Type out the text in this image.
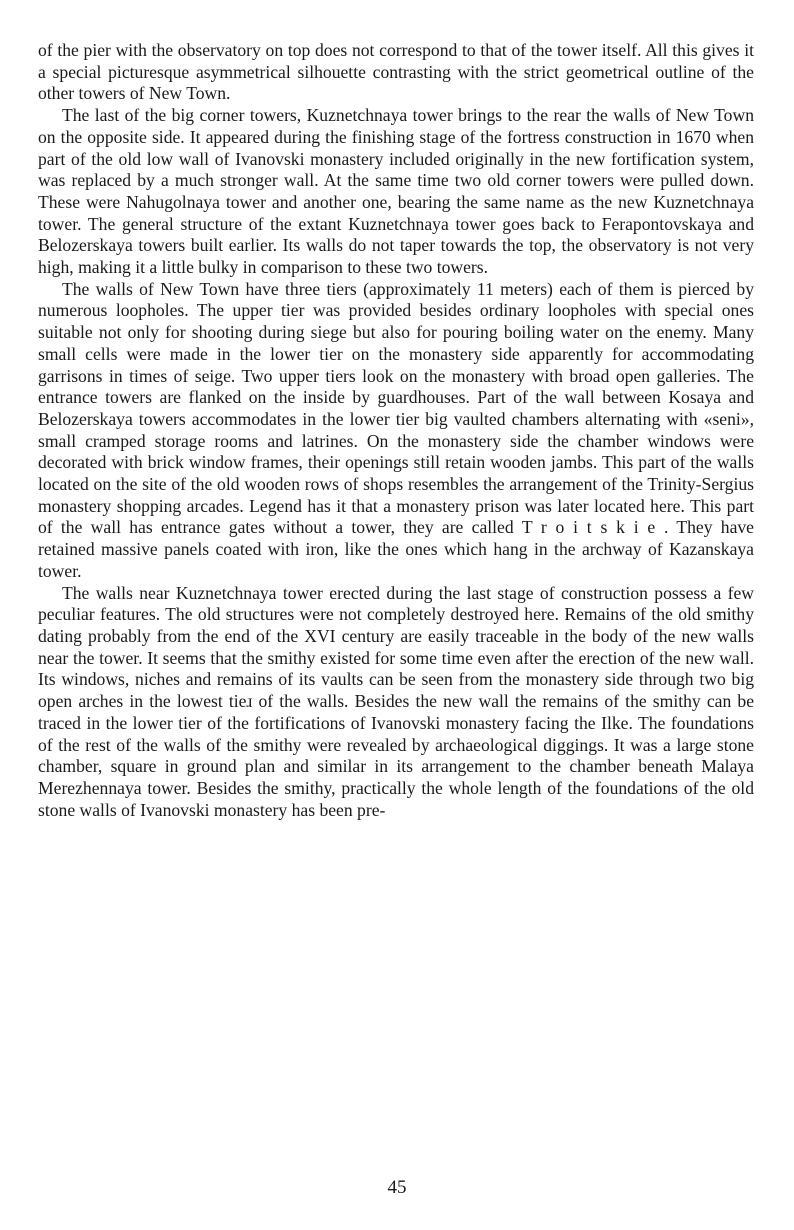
of the pier with the observatory on top does not correspond to that of the tower itself. All this gives it a special picturesque asymmetrical silhouette contrasting with the strict geometrical outline of the other towers of New Town.

The last of the big corner towers, Kuznetchnaya tower brings to the rear the walls of New Town on the opposite side. It appeared during the finishing stage of the fortress construction in 1670 when part of the old low wall of Ivanovski monastery included originally in the new fortification system, was replaced by a much stronger wall. At the same time two old corner towers were pulled down. These were Nahugolnaya tower and another one, bearing the same name as the new Kuznetchnaya tower. The general structure of the extant Kuznetchnaya tower goes back to Ferapontovskaya and Belozerskaya towers built earlier. Its walls do not taper towards the top, the observatory is not very high, making it a little bulky in comparison to these two towers.

The walls of New Town have three tiers (approximately 11 meters) each of them is pierced by numerous loopholes. The upper tier was provided besides ordinary loopholes with special ones suitable not only for shooting during siege but also for pouring boiling water on the enemy. Many small cells were made in the lower tier on the monastery side apparently for accommodating garrisons in times of seige. Two upper tiers look on the monastery with broad open galleries. The entrance towers are flanked on the inside by guardhouses. Part of the wall between Kosaya and Belozerskaya towers accommodates in the lower tier big vaulted chambers alternating with «seni», small cramped storage rooms and latrines. On the monastery side the chamber windows were decorated with brick window frames, their openings still retain wooden jambs. This part of the walls located on the site of the old wooden rows of shops resembles the arrangement of the Trinity-Sergius monastery shopping arcades. Legend has it that a monastery prison was later located here. This part of the wall has entrance gates without a tower, they are called Troitskie. They have retained massive panels coated with iron, like the ones which hang in the archway of Kazanskaya tower.

The walls near Kuznetchnaya tower erected during the last stage of construction possess a few peculiar features. The old structures were not completely destroyed here. Remains of the old smithy dating probably from the end of the XVI century are easily traceable in the body of the new walls near the tower. It seems that the smithy existed for some time even after the erection of the new wall. Its windows, niches and remains of its vaults can be seen from the monastery side through two big open arches in the lowest tieɹ of the walls. Besides the new wall the remains of the smithy can be traced in the lower tier of the fortifications of Ivanovski monastery facing the Ilke. The foundations of the rest of the walls of the smithy were revealed by archaeological diggings. It was a large stone chamber, square in ground plan and similar in its arrangement to the chamber beneath Malaya Merezhennaya tower. Besides the smithy, practically the whole length of the foundations of the old stone walls of Ivanovski monastery has been pre-

45
